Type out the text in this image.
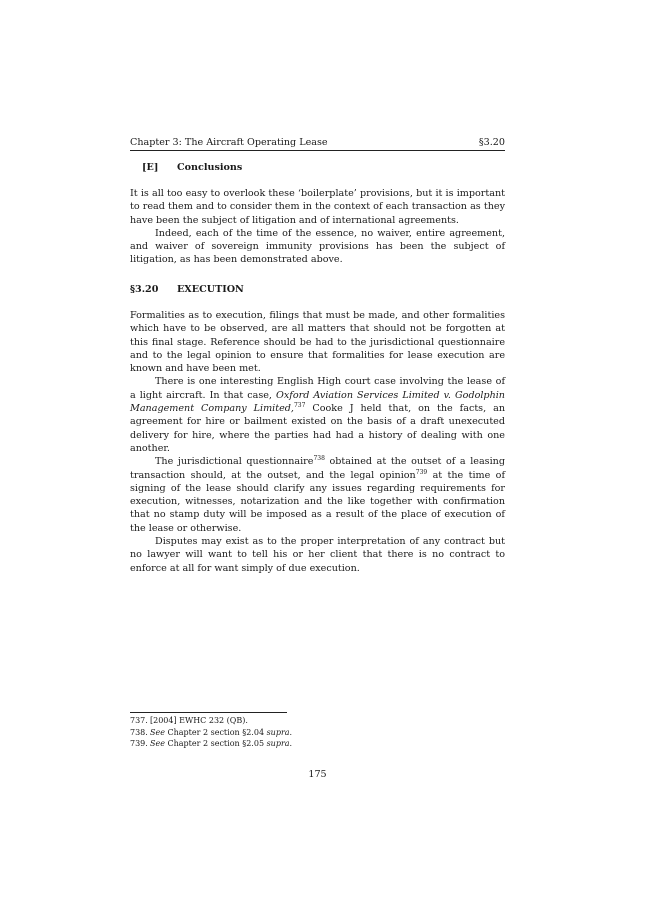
Chapter 3: The Aircraft Operating Lease	§3.20
[E] Conclusions

It is all too easy to overlook these ‘boilerplate’ provisions, but it is important to read them and to consider them in the context of each transaction as they have been the subject of litigation and of international agreements.

Indeed, each of the time of the essence, no waiver, entire agreement, and waiver of sovereign immunity provisions has been the subject of litigation, as has been demonstrated above.

§3.20 EXECUTION

Formalities as to execution, filings that must be made, and other formalities which have to be observed, are all matters that should not be forgotten at this final stage. Reference should be had to the jurisdictional questionnaire and to the legal opinion to ensure that formalities for lease execution are known and have been met.

There is one interesting English High court case involving the lease of a light aircraft. In that case, Oxford Aviation Services Limited v. Godolphin Management Company Limited,$^{737}$ Cooke J held that, on the facts, an agreement for hire or bailment existed on the basis of a draft unexecuted delivery for hire, where the parties had had a history of dealing with one another.

The jurisdictional questionnaire$^{738}$ obtained at the outset of a leasing transaction should, at the outset, and the legal opinion$^{739}$ at the time of signing of the lease should clarify any issues regarding requirements for execution, witnesses, notarization and the like together with confirmation that no stamp duty will be imposed as a result of the place of execution of the lease or otherwise.

Disputes may exist as to the proper interpretation of any contract but no lawyer will want to tell his or her client that there is no contract to enforce at all for want simply of due execution.

737. [2004] EWHC 232 (QB).
738. See Chapter 2 section §2.04 supra.
739. See Chapter 2 section §2.05 supra.
175
